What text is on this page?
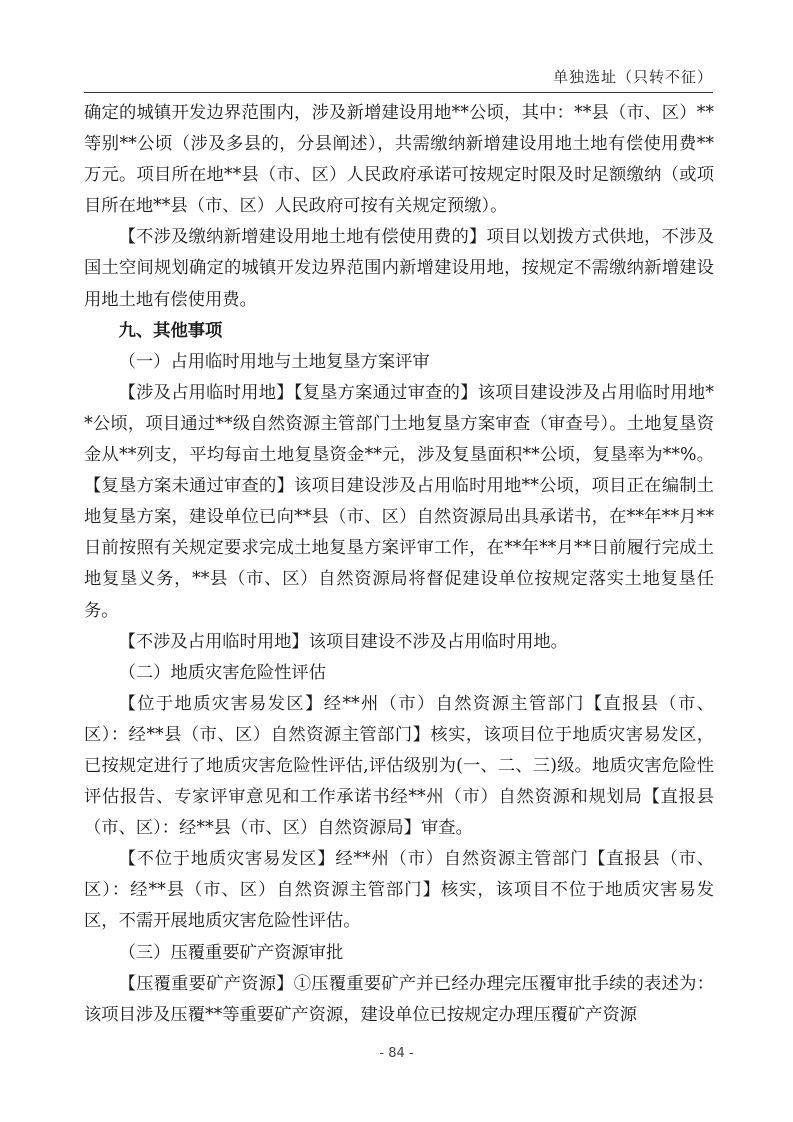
单独选址（只转不征）

确定的城镇开发边界范围内，涉及新增建设用地**公顷，其中：**县（市、区）**等别**公顷（涉及多县的，分县阐述），共需缴纳新增建设用地土地有偿使用费**万元。项目所在地**县（市、区）人民政府承诺可按规定时限及时足额缴纳（或项目所在地**县（市、区）人民政府可按有关规定预缴）。

【不涉及缴纳新增建设用地土地有偿使用费的】项目以划拨方式供地，不涉及国土空间规划确定的城镇开发边界范围内新增建设用地，按规定不需缴纳新增建设用地土地有偿使用费。

九、其他事项

（一）占用临时用地与土地复垦方案评审

【涉及占用临时用地】【复垦方案通过审查的】该项目建设涉及占用临时用地**公顷，项目通过**级自然资源主管部门土地复垦方案审查（审查号）。土地复垦资金从**列支，平均每亩土地复垦资金**元，涉及复垦面积**公顷，复垦率为**%。【复垦方案未通过审查的】该项目建设涉及占用临时用地**公顷，项目正在编制土地复垦方案，建设单位已向**县（市、区）自然资源局出具承诺书，在**年**月**日前按照有关规定要求完成土地复垦方案评审工作，在**年**月**日前履行完成土地复垦义务，**县（市、区）自然资源局将督促建设单位按规定落实土地复垦任务。

【不涉及占用临时用地】该项目建设不涉及占用临时用地。

（二）地质灾害危险性评估

【位于地质灾害易发区】经**州（市）自然资源主管部门【直报县（市、区）：经**县（市、区）自然资源主管部门】核实，该项目位于地质灾害易发区，已按规定进行了地质灾害危险性评估,评估级别为(一、二、三)级。地质灾害危险性评估报告、专家评审意见和工作承诺书经**州（市）自然资源和规划局【直报县（市、区）：经**县（市、区）自然资源局】审查。

【不位于地质灾害易发区】经**州（市）自然资源主管部门【直报县（市、区）：经**县（市、区）自然资源主管部门】核实，该项目不位于地质灾害易发区，不需开展地质灾害危险性评估。

（三）压覆重要矿产资源审批

【压覆重要矿产资源】①压覆重要矿产并已经办理完压覆审批手续的表述为：该项目涉及压覆**等重要矿产资源，建设单位已按规定办理压覆矿产资源

- 84 -
